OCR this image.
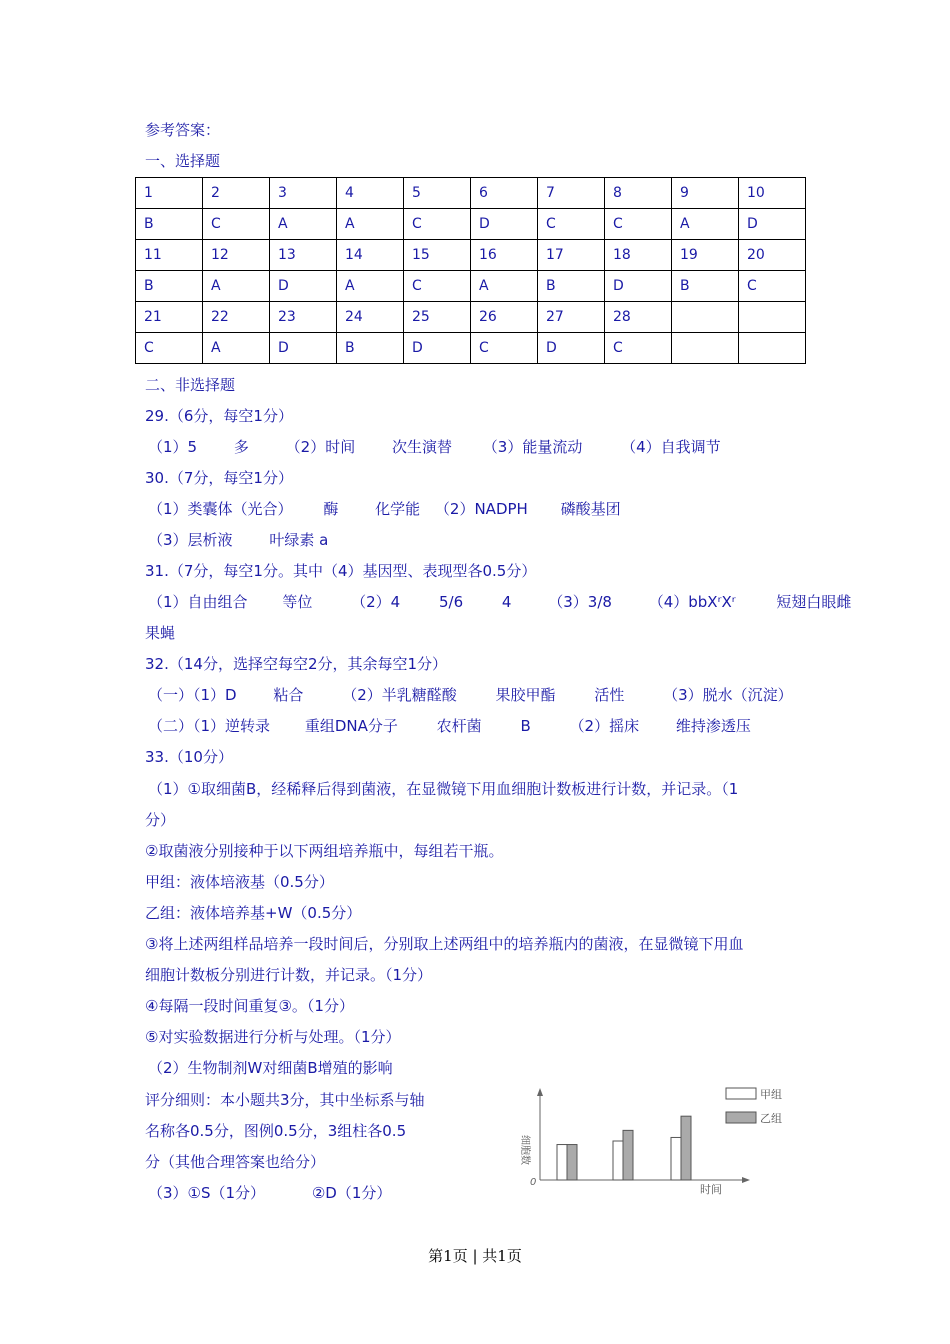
参考答案：
一、选择题
1	2	3	4	5	6	7	8	9	10
B	C	A	A	C	D	C	C	A	D
11	12	13	14	15	16	17	18	19	20
B	A	D	A	C	A	B	D	B	C
21	22	23	24	25	26	27	28		
C	A	D	B	D	C	D	C		
二、非选择题
29.（6分，每空1分）
（1）5 多 （2）时间 次生演替 （3）能量流动	（4）自我调节
30.（7分，每空1分）
（1）类囊体（光合） 酶 化学能 （2）NADPH 磷酸基团
（3）层析液 叶绿素 a
31.（7分，每空1分。其中（4）基因型、表现型各0.5分）
（1）自由组合 等位	（2）4	5/6	4 （3）3/8 （4）bbXʳXʳ	短翅白眼雌
果蝇
32.（14分，选择空每空2分，其余每空1分）
（一）（1）D 粘合	（2）半乳糖醛酸	果胶甲酯	活性	（3）脱水（沉淀）
（二）（1）逆转录 重组DNA分子	农杆菌	B	（2）摇床 维持渗透压
33.（10分）
（1）①取细菌B，经稀释后得到菌液，在显微镜下用血细胞计数板进行计数，并记录。（1
分）
②取菌液分别接种于以下两组培养瓶中，每组若干瓶。
甲组：液体培液基（0.5分）
乙组：液体培养基+W（0.5分）
③将上述两组样品培养一段时间后，分别取上述两组中的培养瓶内的菌液，在显微镜下用血
细胞计数板分别进行计数，并记录。（1分）
④每隔一段时间重复③。（1分）
⑤对实验数据进行分析与处理。（1分）
（2）生物制剂W对细菌B增殖的影响
评分细则：本小题共3分，其中坐标系与轴
名称各0.5分，图例0.5分，3组柱各0.5
分（其他合理答案也给分）
（3）①S（1分）	②D（1分）
细胞数
0
时间
甲组
乙组
第1页 | 共1页
